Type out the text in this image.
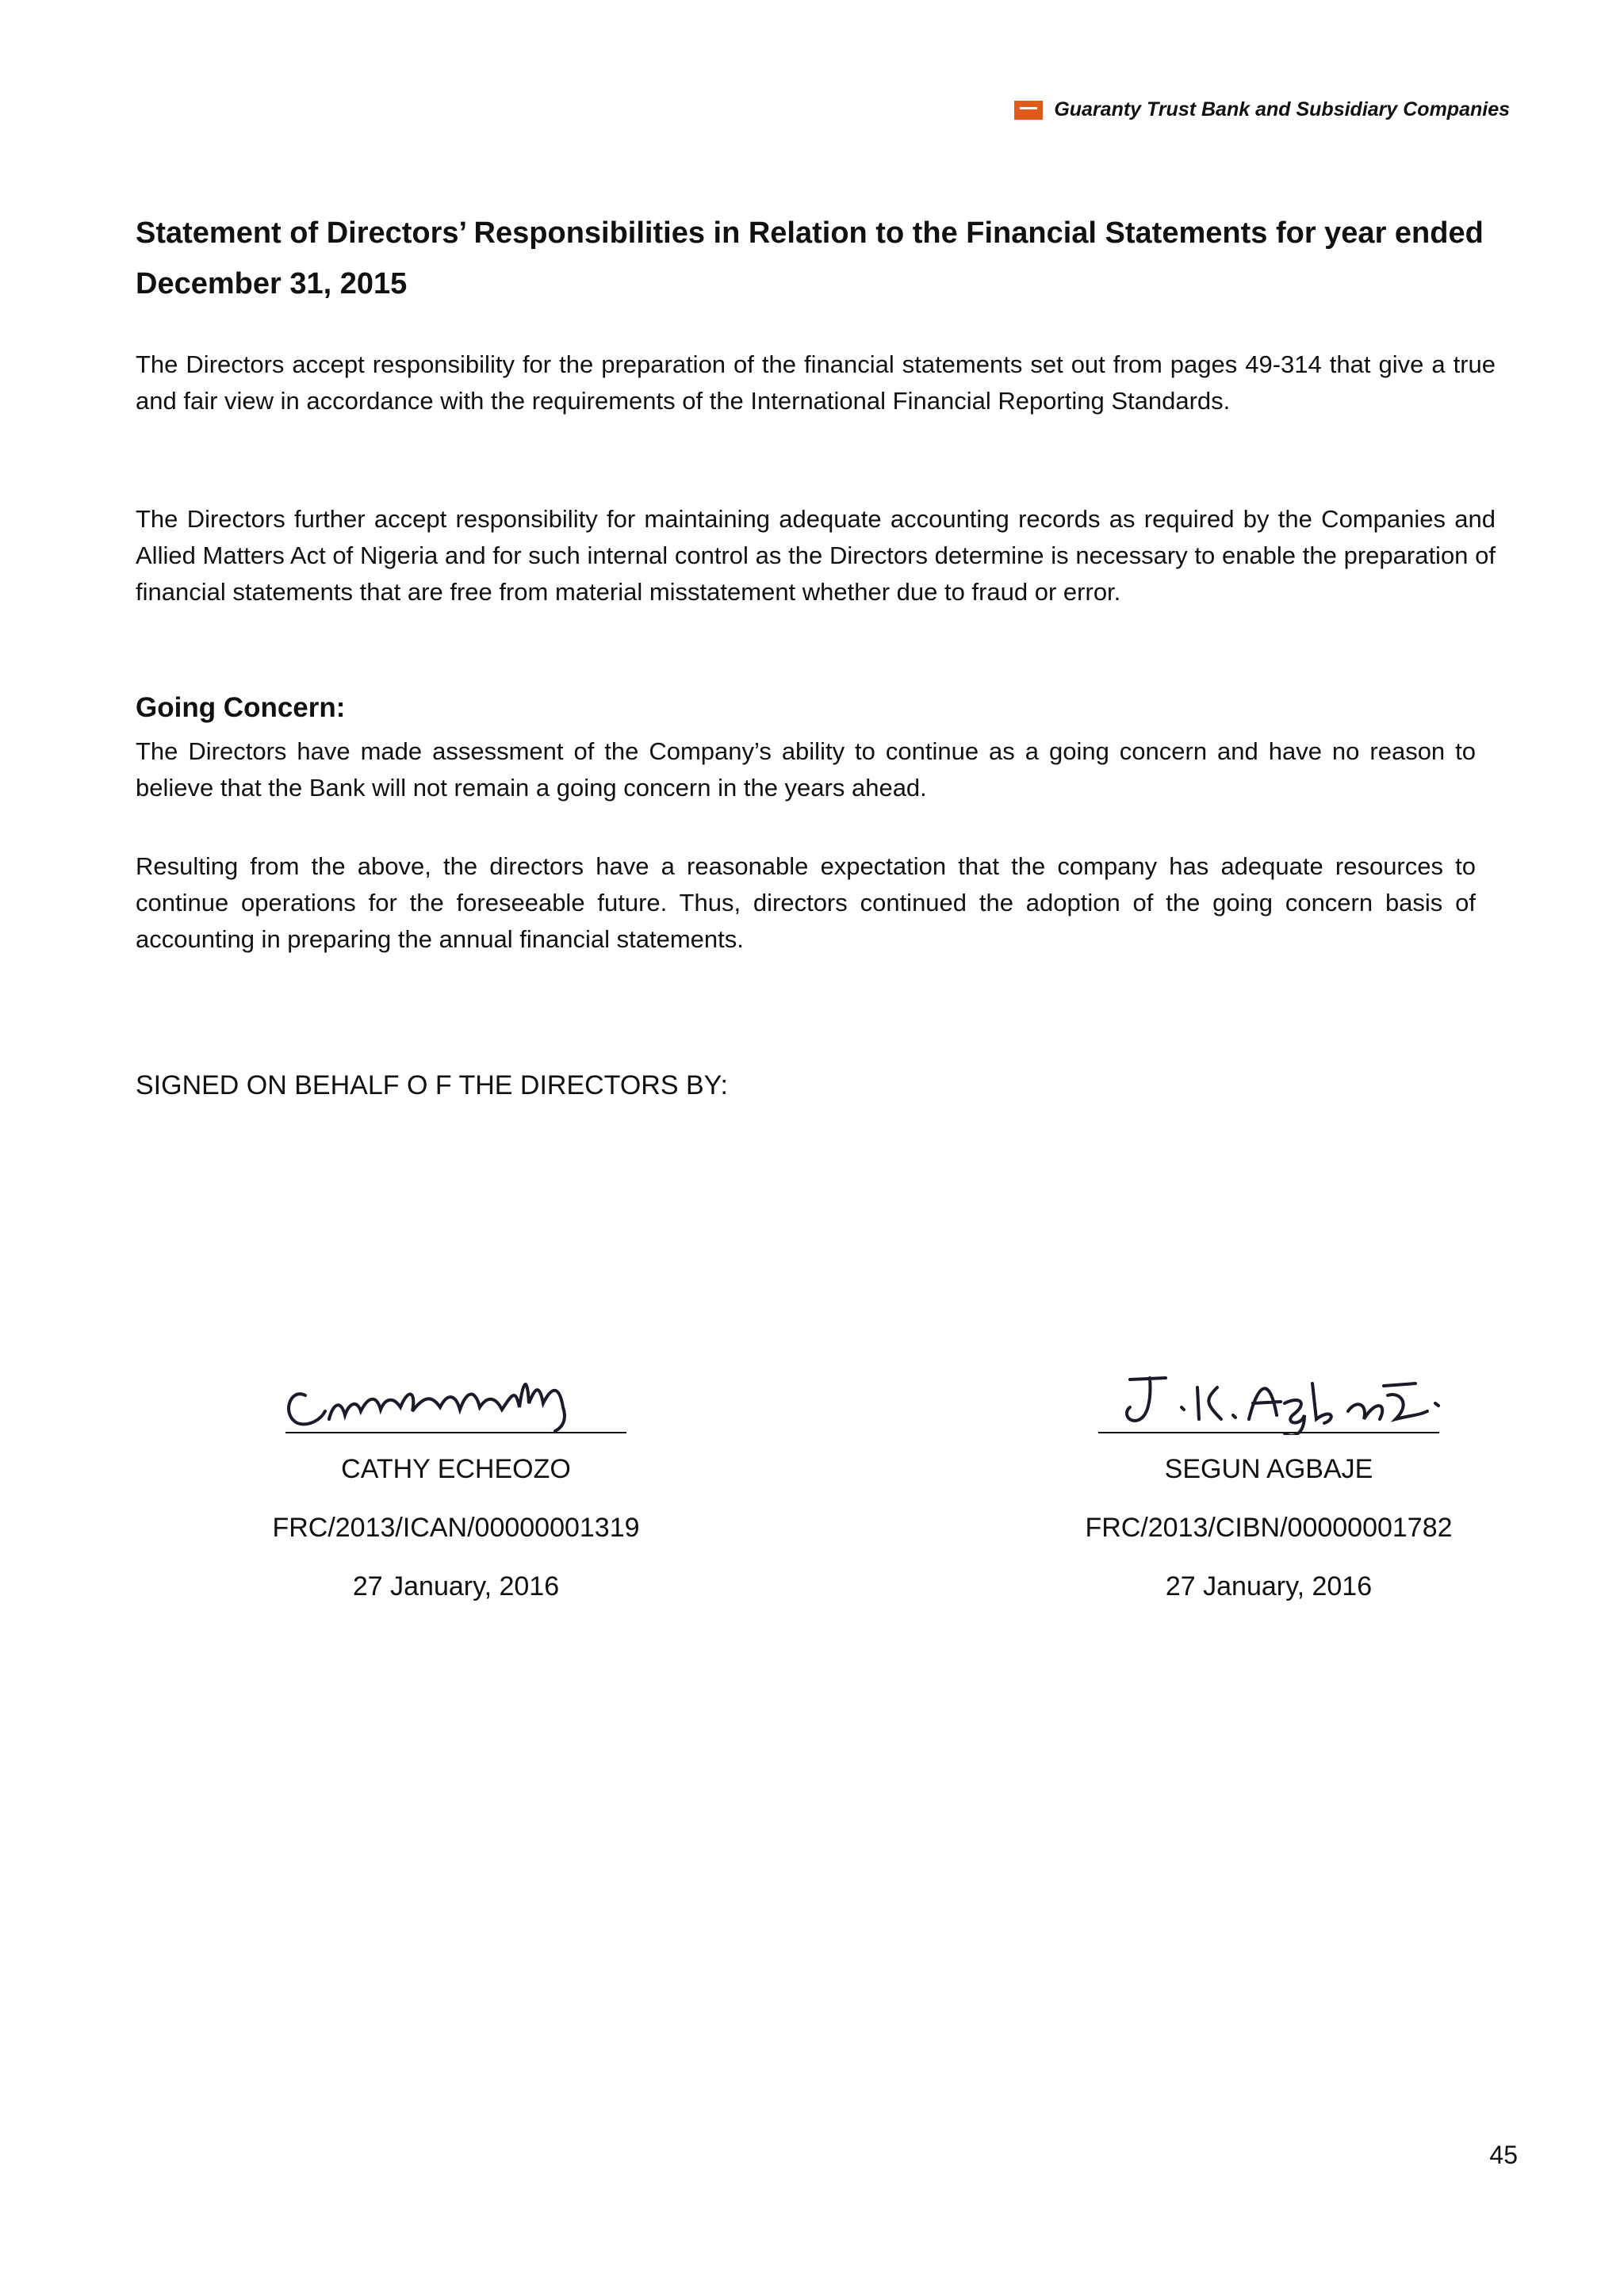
Guaranty Trust Bank and Subsidiary Companies
Statement of Directors’ Responsibilities in Relation to the Financial Statements for year ended December 31, 2015

The Directors accept responsibility for the preparation of the financial statements set out from pages 49-314 that give a true and fair view in accordance with the requirements of the International Financial Reporting Standards.

The Directors further accept responsibility for maintaining adequate accounting records as required by the Companies and Allied Matters Act of Nigeria and for such internal control as the Directors determine is necessary to enable the preparation of financial statements that are free from material misstatement whether due to fraud or error.

Going Concern:

The Directors have made assessment of the Company’s ability to continue as a going concern and have no reason to believe that the Bank will not remain a going concern in the years ahead.

Resulting from the above, the directors have a reasonable expectation that the company has adequate resources to continue operations for the foreseeable future. Thus, directors continued the adoption of the going concern basis of accounting in preparing the annual financial statements.

SIGNED ON BEHALF O F THE DIRECTORS BY:

CATHY ECHEOZO
FRC/2013/ICAN/00000001319
27 January, 2016
SEGUN AGBAJE
FRC/2013/CIBN/00000001782
27 January, 2016
45
